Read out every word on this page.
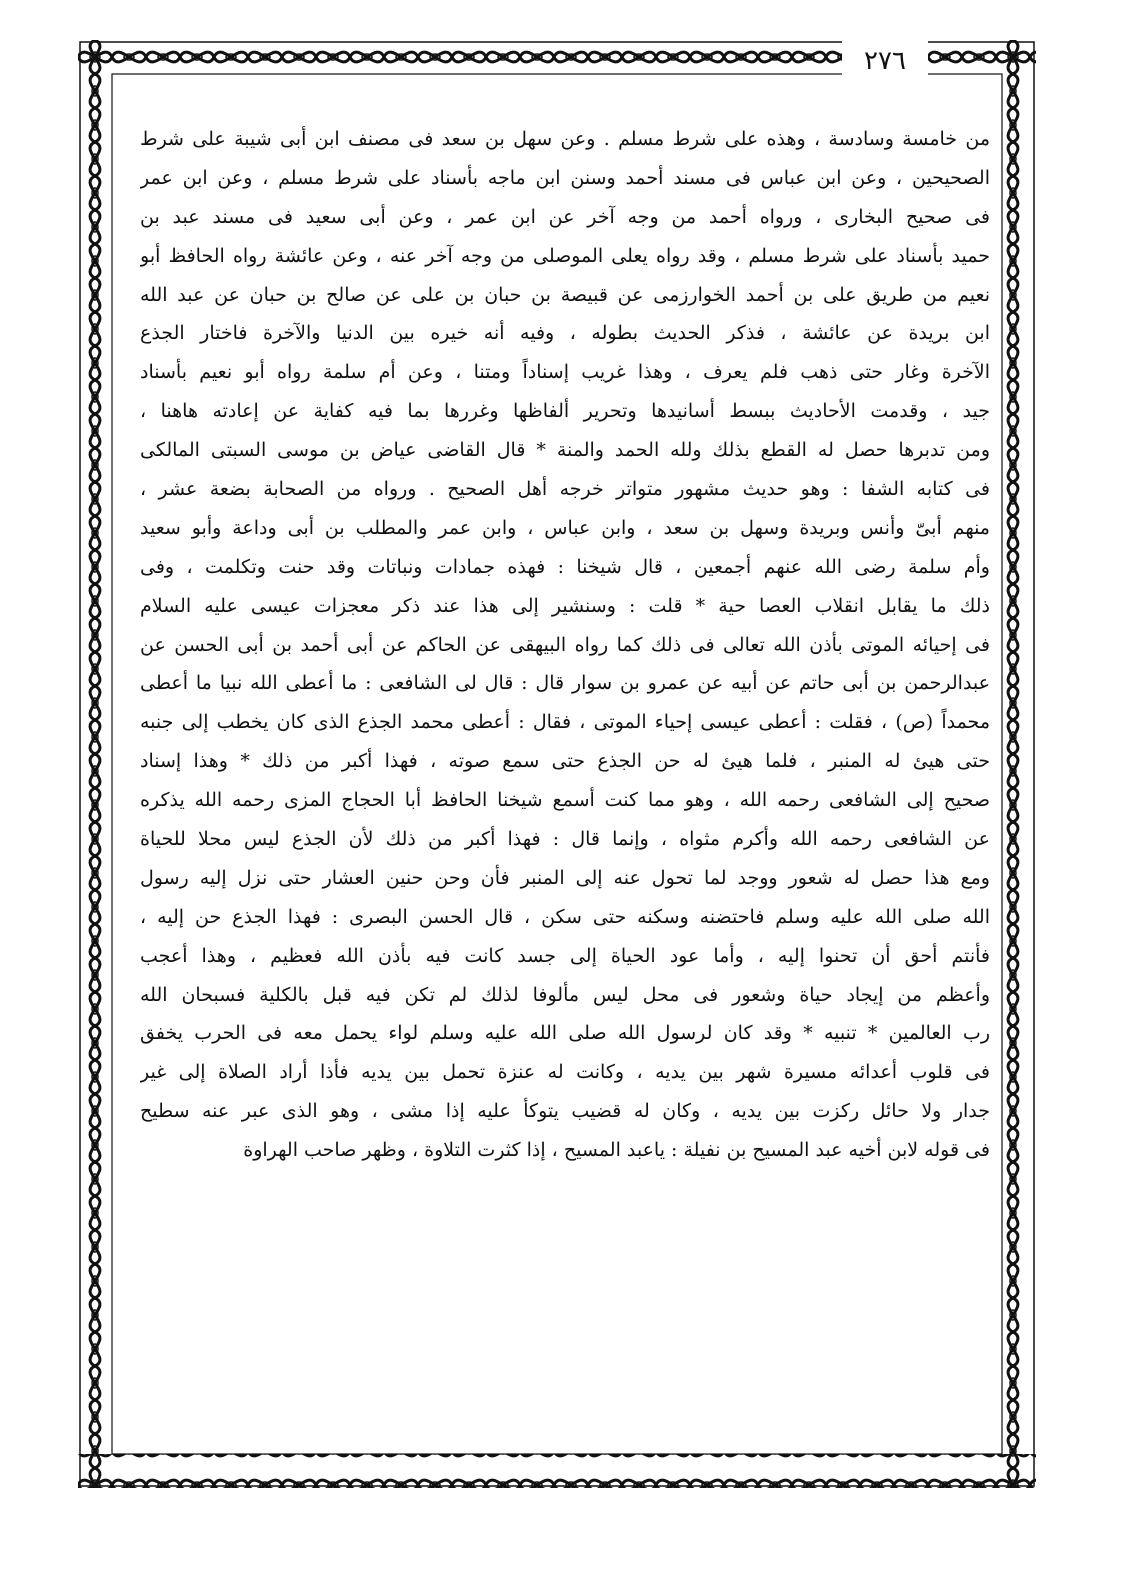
٢٧٦
من خامسة وسادسة ، وهذه على شرط مسلم . وعن سهل بن سعد فى مصنف ابن أبى شيبة على شرط
الصحيحين ، وعن ابن عباس فى مسند أحمد وسنن ابن ماجه بأسناد على شرط مسلم ، وعن ابن عمر
فى صحيح البخارى ، ورواه أحمد من وجه آخر عن ابن عمر ، وعن أبى سعيد فى مسند عبد بن
حميد بأسناد على شرط مسلم ، وقد رواه يعلى الموصلى من وجه آخر عنه ، وعن عائشة رواه الحافظ أبو
نعيم من طريق على بن أحمد الخوارزمى عن قبيصة بن حبان بن على عن صالح بن حبان عن عبد الله
ابن بريدة عن عائشة ، فذكر الحديث بطوله ، وفيه أنه خيره بين الدنيا والآخرة فاختار الجذع
الآخرة وغار حتى ذهب فلم يعرف ، وهذا غريب إسناداً ومتنا ، وعن أم سلمة رواه أبو نعيم بأسناد
جيد ، وقدمت الأحاديث ببسط أسانيدها وتحرير ألفاظها وغررها بما فيه كفاية عن إعادته هاهنا ،
ومن تدبرها حصل له القطع بذلك ولله الحمد والمنة * قال القاضى عياض بن موسى السبتى المالكى
فى كتابه الشفا : وهو حديث مشهور متواتر خرجه أهل الصحيح . ورواه من الصحابة بضعة عشر ،
منهم أبىّ وأنس وبريدة وسهل بن سعد ، وابن عباس ، وابن عمر والمطلب بن أبى وداعة وأبو سعيد
وأم سلمة رضى الله عنهم أجمعين ، قال شيخنا : فهذه جمادات ونباتات وقد حنت وتكلمت ، وفى
ذلك ما يقابل انقلاب العصا حية * قلت : وسنشير إلى هذا عند ذكر معجزات عيسى عليه السلام
فى إحيائه الموتى بأذن الله تعالى فى ذلك كما رواه البيهقى عن الحاكم عن أبى أحمد بن أبى الحسن عن
عبدالرحمن بن أبى حاتم عن أبيه عن عمرو بن سوار قال : قال لى الشافعى : ما أعطى الله نبيا ما أعطى
محمداً (ص) ، فقلت : أعطى عيسى إحياء الموتى ، فقال : أعطى محمد الجذع الذى كان يخطب إلى جنبه
حتى هيئ له المنبر ، فلما هيئ له حن الجذع حتى سمع صوته ، فهذا أكبر من ذلك * وهذا إسناد
صحيح إلى الشافعى رحمه الله ، وهو مما كنت أسمع شيخنا الحافظ أبا الحجاج المزى رحمه الله يذكره
عن الشافعى رحمه الله وأكرم مثواه ، وإنما قال : فهذا أكبر من ذلك لأن الجذع ليس محلا للحياة
ومع هذا حصل له شعور ووجد لما تحول عنه إلى المنبر فأن وحن حنين العشار حتى نزل إليه رسول
الله صلى الله عليه وسلم فاحتضنه وسكنه حتى سكن ، قال الحسن البصرى : فهذا الجذع حن إليه ،
فأنتم أحق أن تحنوا إليه ، وأما عود الحياة إلى جسد كانت فيه بأذن الله فعظيم ، وهذا أعجب
وأعظم من إيجاد حياة وشعور فى محل ليس مألوفا لذلك لم تكن فيه قبل بالكلية فسبحان الله
رب العالمين * تنبيه * وقد كان لرسول الله صلى الله عليه وسلم لواء يحمل معه فى الحرب يخفق
فى قلوب أعدائه مسيرة شهر بين يديه ، وكانت له عنزة تحمل بين يديه فأذا أراد الصلاة إلى غير
جدار ولا حائل ركزت بين يديه ، وكان له قضيب يتوكأ عليه إذا مشى ، وهو الذى عبر عنه سطيح
فى قوله لابن أخيه عبد المسيح بن نفيلة : ياعبد المسيح ، إذا كثرت التلاوة ، وظهر صاحب الهراوة
